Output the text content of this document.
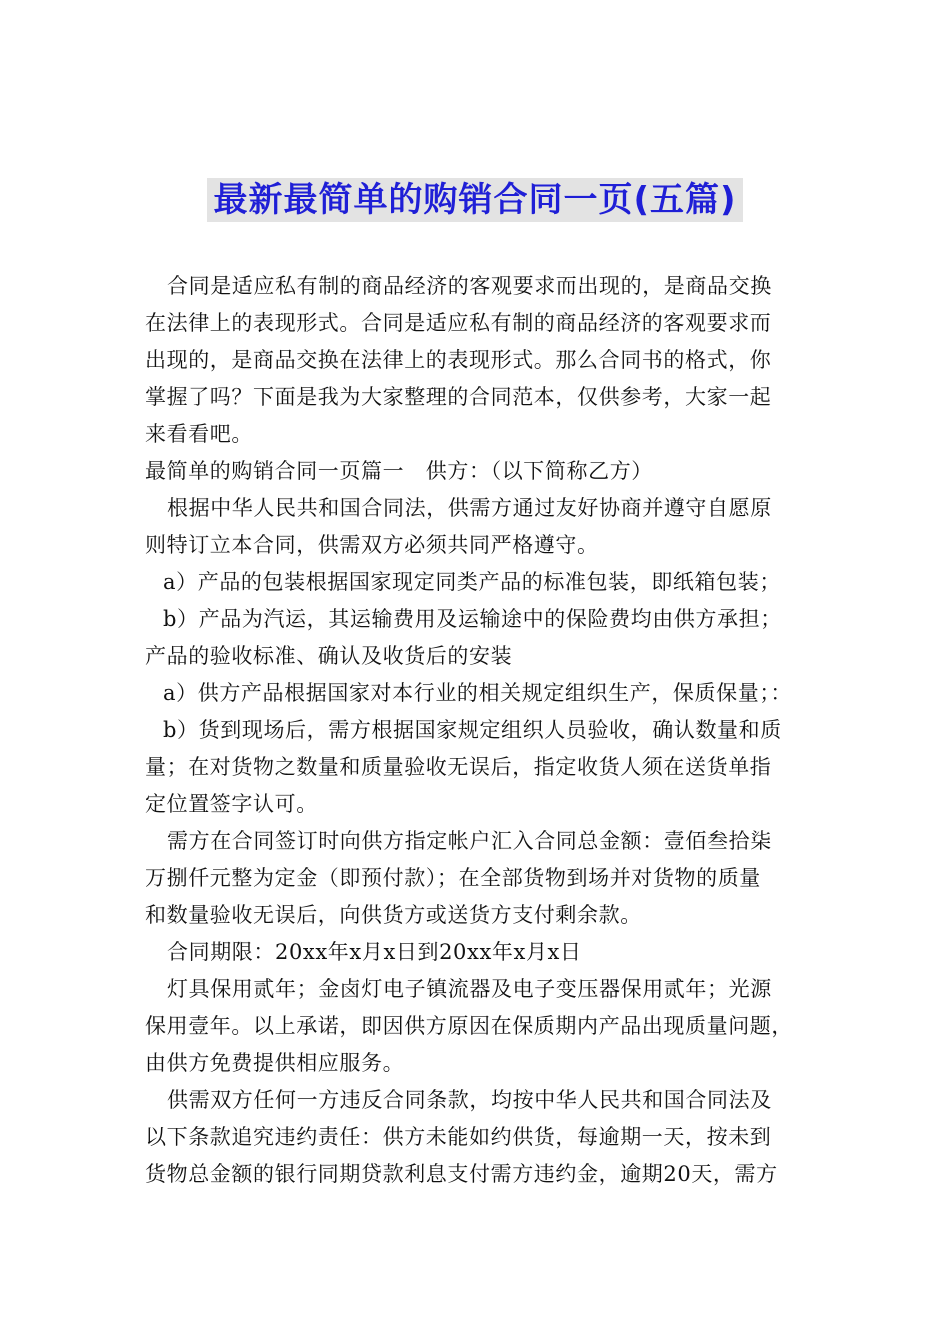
最新最简单的购销合同一页(五篇)
合同是适应私有制的商品经济的客观要求而出现的，是商品交换
在法律上的表现形式。合同是适应私有制的商品经济的客观要求而
出现的，是商品交换在法律上的表现形式。那么合同书的格式，你
掌握了吗？下面是我为大家整理的合同范本，仅供参考，大家一起
来看看吧。
最简单的购销合同一页篇一　供方：（以下简称乙方）
根据中华人民共和国合同法，供需方通过友好协商并遵守自愿原
则特订立本合同，供需双方必须共同严格遵守。
a）产品的包装根据国家现定同类产品的标准包装，即纸箱包装；
b）产品为汽运，其运输费用及运输途中的保险费均由供方承担；
产品的验收标准、确认及收货后的安装
a）供方产品根据国家对本行业的相关规定组织生产，保质保量；：
b）货到现场后，需方根据国家规定组织人员验收，确认数量和质
量；在对货物之数量和质量验收无误后，指定收货人须在送货单指
定位置签字认可。
需方在合同签订时向供方指定帐户汇入合同总金额：壹佰叁拾柒
万捌仟元整为定金（即预付款）；在全部货物到场并对货物的质量
和数量验收无误后，向供货方或送货方支付剩余款。
合同期限：20xx年x月x日到20xx年x月x日
灯具保用贰年；金卤灯电子镇流器及电子变压器保用贰年；光源
保用壹年。以上承诺，即因供方原因在保质期内产品出现质量问题，
由供方免费提供相应服务。
供需双方任何一方违反合同条款，均按中华人民共和国合同法及
以下条款追究违约责任：供方未能如约供货，每逾期一天，按未到
货物总金额的银行同期贷款利息支付需方违约金，逾期20天，需方
